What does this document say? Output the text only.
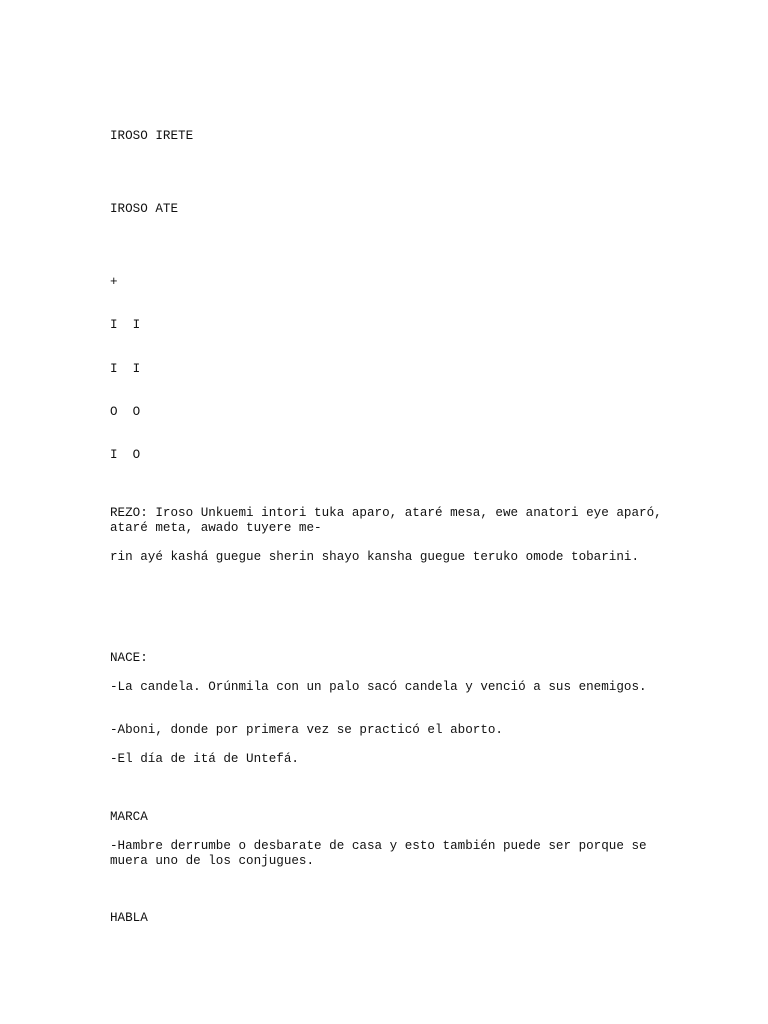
IROSO IRETE

IROSO ATE

+

I  I

I  I

O  O

I  O

REZO: Iroso Unkuemi intori tuka aparo, ataré mesa, ewe anatori eye aparó, ataré meta, awado tuyere me-

rin ayé kashá guegue sherin shayo kansha guegue teruko omode tobarini.

NACE:

-La candela. Orúnmila con un palo sacó candela y venció a sus enemigos.

-Aboni, donde por primera vez se practicó el aborto.

-El día de itá de Untefá.

MARCA

-Hambre derrumbe o desbarate de casa y esto también puede ser porque se muera uno de los conjugues.

HABLA
